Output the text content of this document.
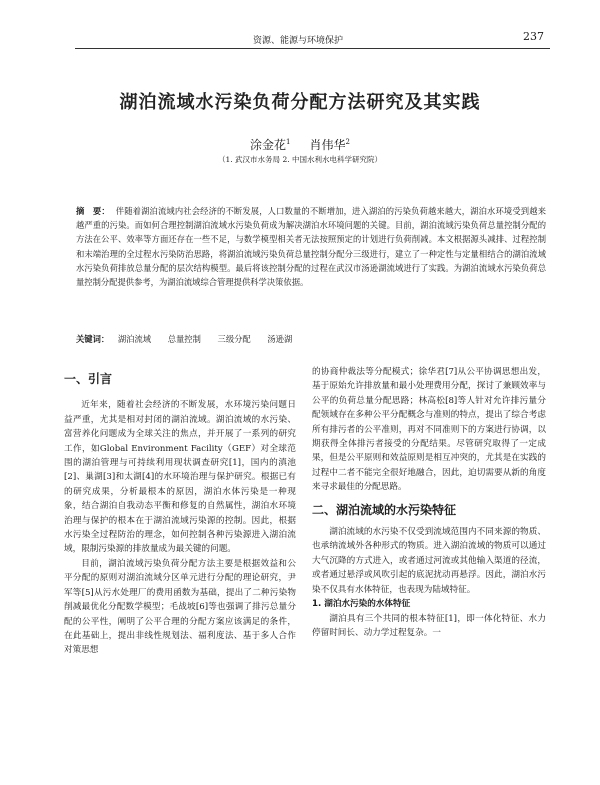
资源、能源与环境保护	237
湖泊流域水污染负荷分配方法研究及其实践
涂金花$^1$ 肖伟华$^2$
（1. 武汉市水务局 2. 中国水利水电科学研究院）
摘　要： 伴随着湖泊流域内社会经济的不断发展，人口数量的不断增加，进入湖泊的污染负荷越来越大，湖泊水环境受到越来越严重的污染。而如何合理控制湖泊流域水污染负荷成为解决湖泊水环境问题的关键。目前，湖泊流域污染负荷总量控制分配的方法在公平、效率等方面还存在一些不足，与数学模型相关者无法按照预定的计划进行负荷削减。本文根据源头减排、过程控制和末端治理的全过程水污染防治思路，将湖泊流域污染负荷总量控制分配分三级进行，建立了一种定性与定量相结合的湖泊流域水污染负荷排放总量分配的层次结构模型。最后将该控制分配的过程在武汉市汤逊湖流域进行了实践。为湖泊流域水污染负荷总量控制分配提供参考，为湖泊流域综合管理提供科学决策依据。
关键词： 湖泊流域 总量控制 三级分配 汤逊湖
一、引言

近年来，随着社会经济的不断发展，水环境污染问题日益严重，尤其是相对封闭的湖泊流域。湖泊流域的水污染、富营养化问题成为全球关注的焦点，并开展了一系列的研究工作，如Global Environment Facility（GEF）对全球范围的湖泊管理与可持续利用现状调查研究[1]，国内的滇池[2]、巢湖[3]和太湖[4]的水环境治理与保护研究。根据已有的研究成果，分析最根本的原因，湖泊水体污染是一种现象，结合湖泊自我动态平衡和修复的自然属性，湖泊水环境治理与保护的根本在于湖泊流域污染源的控制。因此，根据水污染全过程防治的理念，如何控制各种污染源进入湖泊流域，限制污染源的排放量成为最关键的问题。

目前，湖泊流域污染负荷分配方法主要是根据效益和公平分配的原则对湖泊流域分区单元进行分配的理论研究，尹军等[5]从污水处理厂的费用函数为基础，提出了二种污染物削减最优化分配数学模型；毛战坡[6]等也强调了排污总量分配的公平性，阐明了公平合理的分配方案应该满足的条件，在此基础上，提出非线性规划法、福利度法、基于多人合作对策思想

的协商仲裁法等分配模式；徐华君[7]从公平协调思想出发，基于原始允许排放量和最小处理费用分配，探讨了兼顾效率与公平的负荷总量分配思路；林高松[8]等人针对允许排污量分配领域存在多种公平分配概念与准则的特点，提出了综合考虑所有排污者的公平准则，再对不同准则下的方案进行协调，以期获得全体排污者接受的分配结果。尽管研究取得了一定成果，但是公平原则和效益原则是相互冲突的，尤其是在实践的过程中二者不能完全很好地融合，因此，迫切需要从新的角度来寻求最佳的分配思路。

二、湖泊流域的水污染特征

湖泊流域的水污染不仅受到流域范围内不同来源的物质、也承纳流域外各种形式的物质。进入湖泊流域的物质可以通过大气沉降的方式进入，或者通过河流或其他输入渠道的径流，或者通过悬浮或风吹引起的底泥扰动再悬浮。因此，湖泊水污染不仅具有水体特征，也表现为陆域特征。

1. 湖泊水污染的水体特征

湖泊具有三个共同的根本特征[1]，即一体化特征、水力停留时间长、动力学过程复杂。一
